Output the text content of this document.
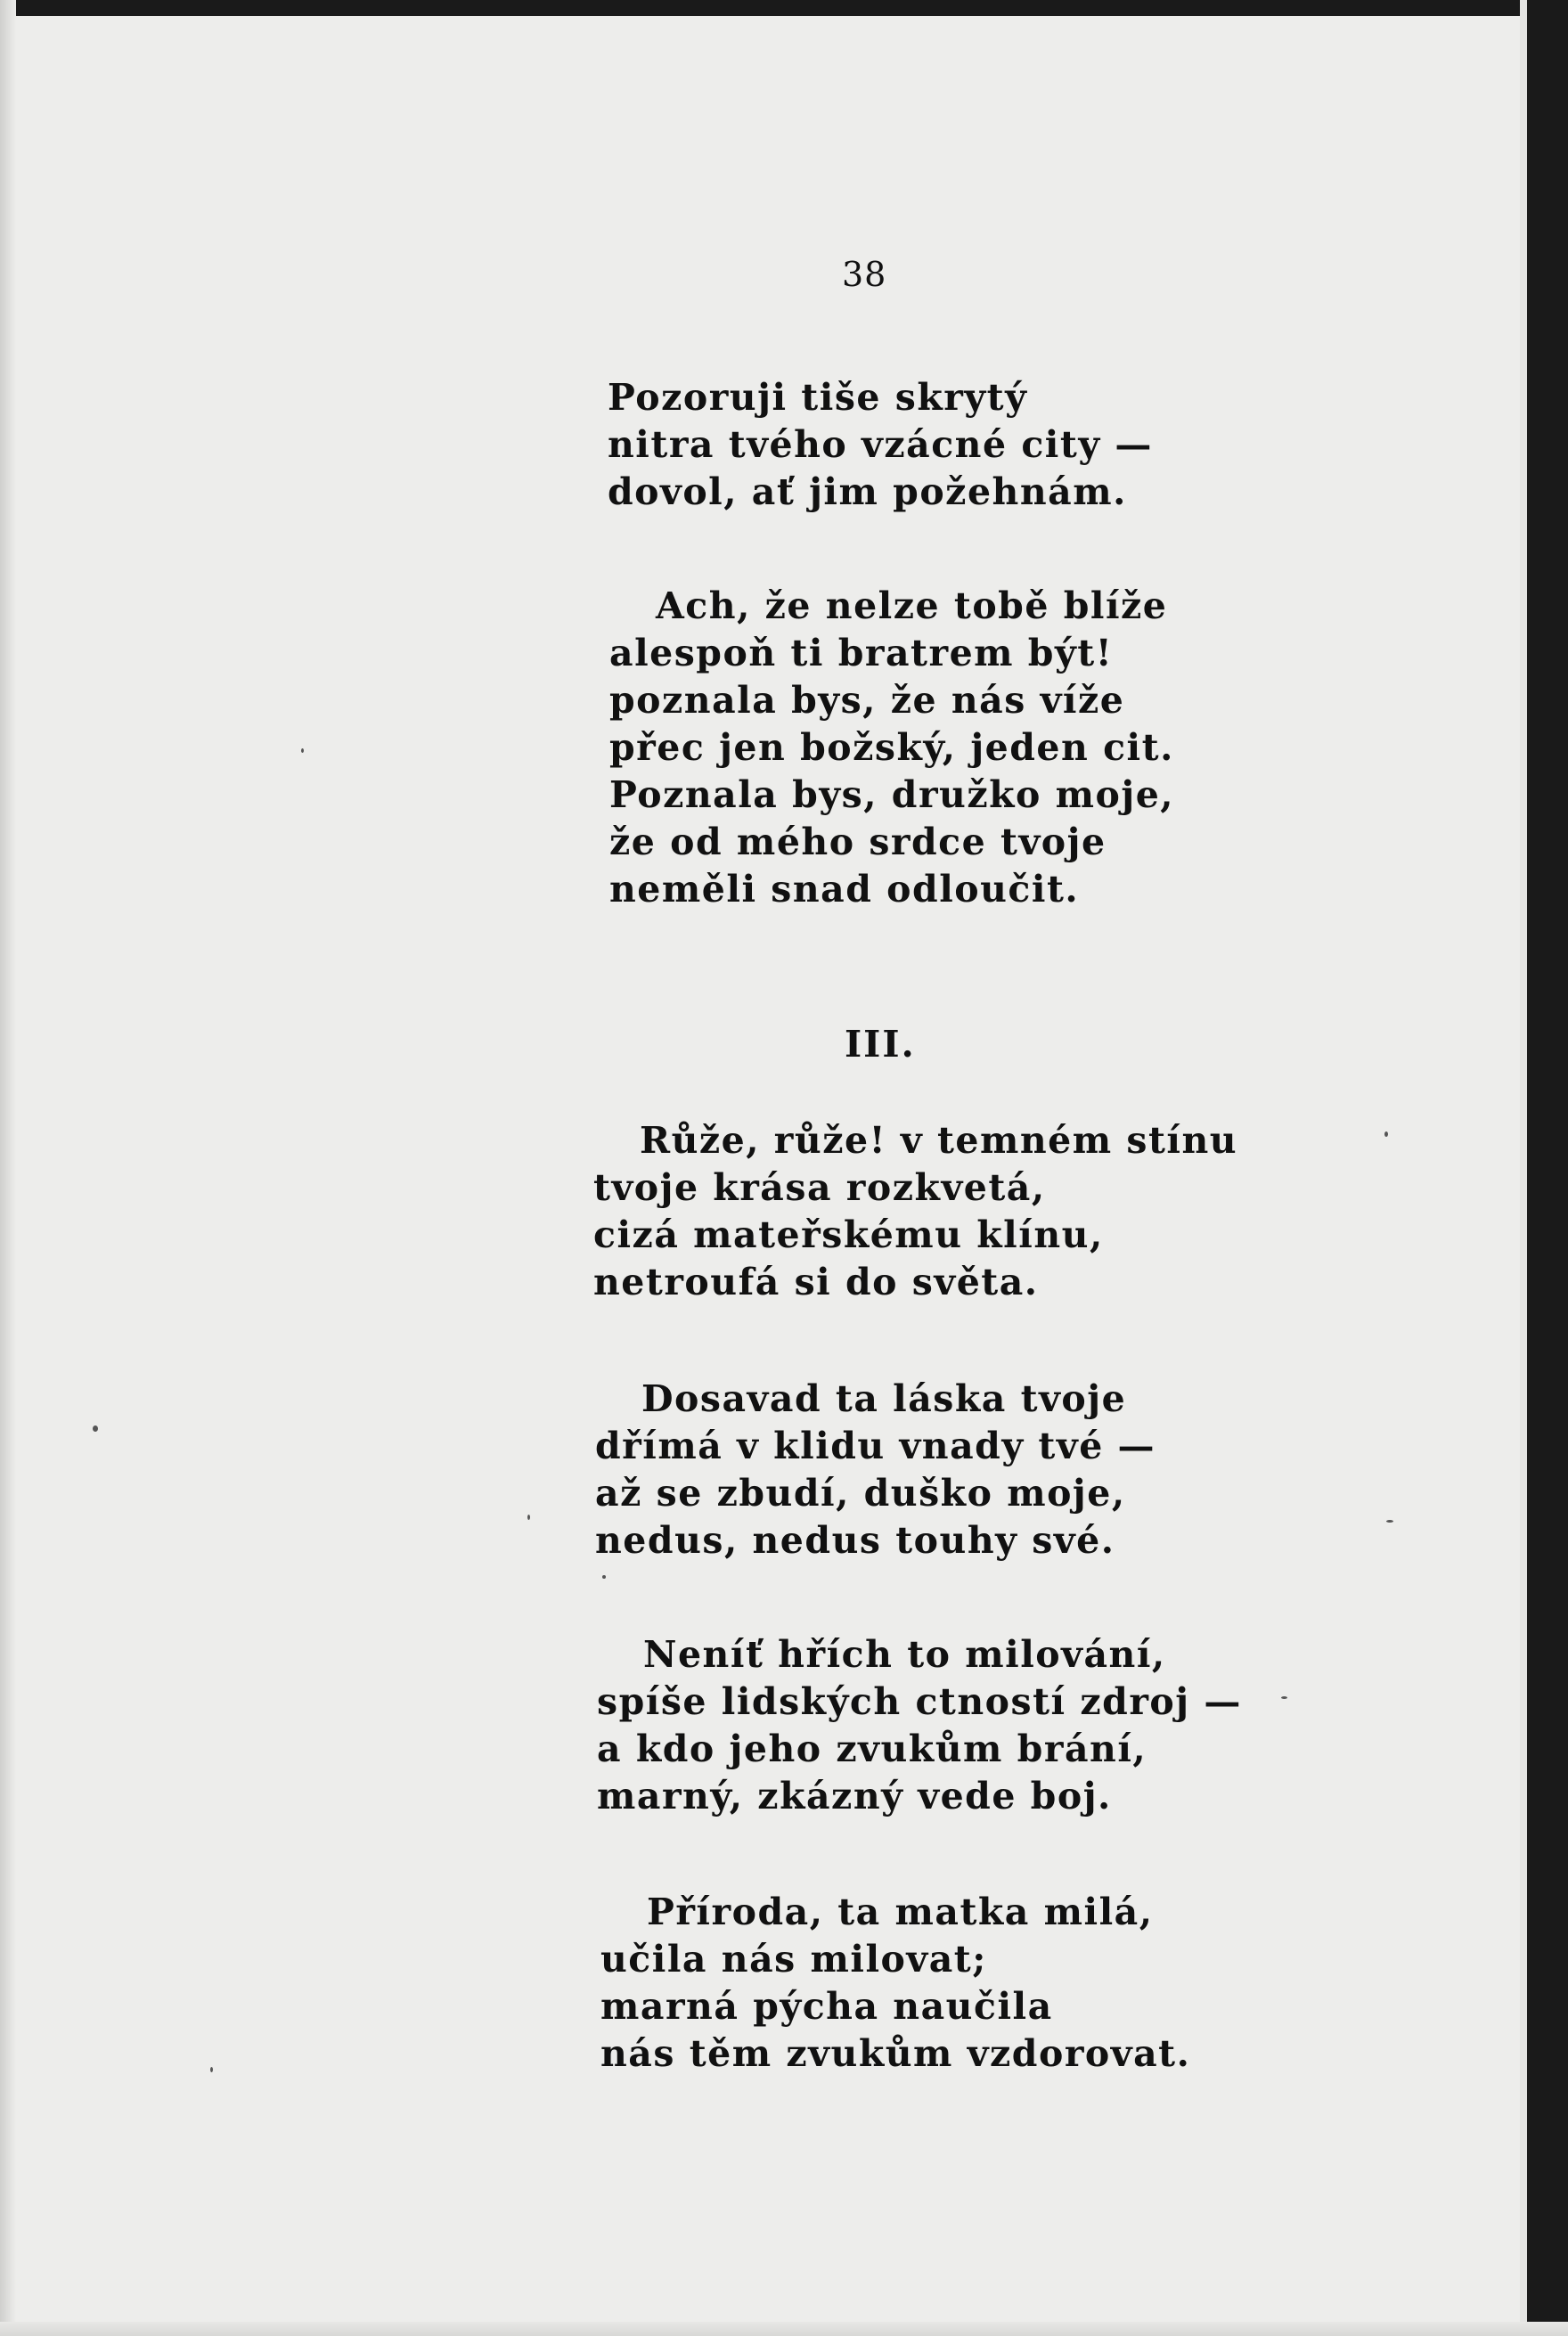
38
Pozoruji tiše skrytý
nitra tvého vzácné city —
dovol, ať jim požehnám.
Ach, že nelze tobě blíže
alespoň ti bratrem být!
poznala bys, že nás víže
přec jen božský, jeden cit.
Poznala bys, družko moje,
že od mého srdce tvoje
neměli snad odloučit.
III.
Růže, růže! v temném stínu
tvoje krása rozkvetá,
cizá mateřskému klínu,
netroufá si do světa.
Dosavad ta láska tvoje
dřímá v klidu vnady tvé —
až se zbudí, duško moje,
nedus, nedus touhy své.
Neníť hřích to milování,
spíše lidských ctností zdroj —
a kdo jeho zvukům brání,
marný, zkázný vede boj.
Příroda, ta matka milá,
učila nás milovat;
marná pýcha naučila
nás těm zvukům vzdorovat.
